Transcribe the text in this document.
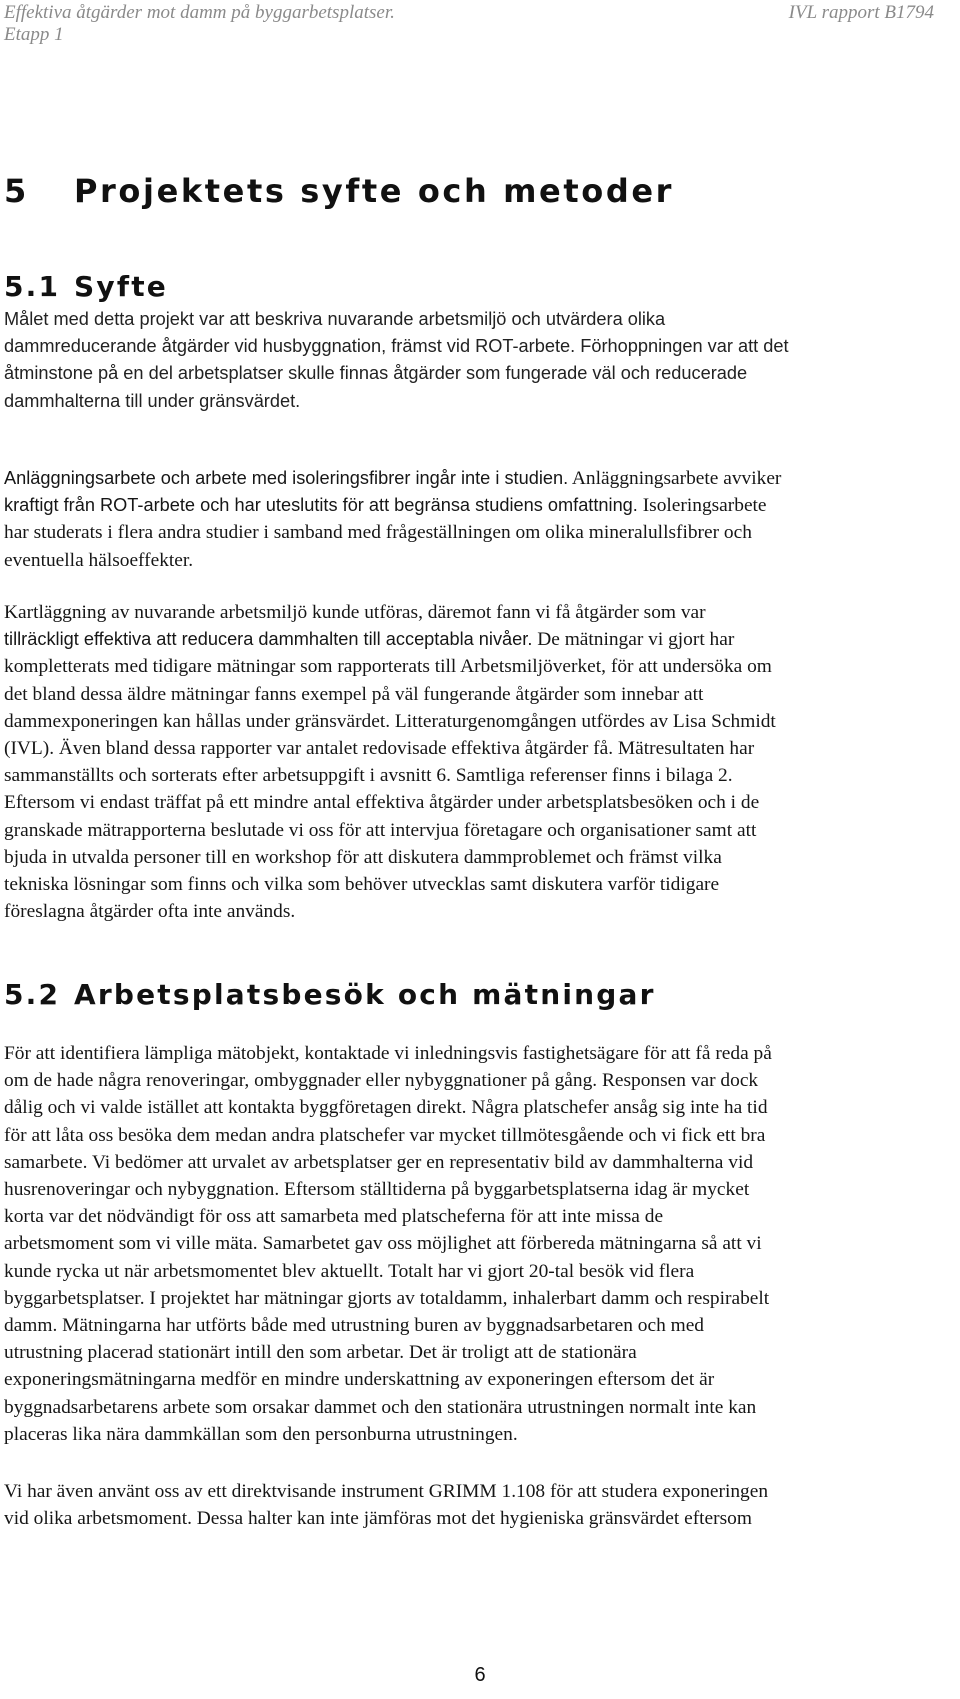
Effektiva åtgärder mot damm på byggarbetsplatser.
Etapp 1
IVL rapport B1794
5 Projektets syfte och metoder
5.1 Syfte

Målet med detta projekt var att beskriva nuvarande arbetsmiljö och utvärdera olika
dammreducerande åtgärder vid husbyggnation, främst vid ROT-arbete. Förhoppningen var att det
åtminstone på en del arbetsplatser skulle finnas åtgärder som fungerade väl och reducerade
dammhalterna till under gränsvärdet.

Anläggningsarbete och arbete med isoleringsfibrer ingår inte i studien. Anläggningsarbete avviker
kraftigt från ROT-arbete och har uteslutits för att begränsa studiens omfattning. Isoleringsarbete
har studerats i flera andra studier i samband med frågeställningen om olika mineralullsfibrer och
eventuella hälsoeffekter.

Kartläggning av nuvarande arbetsmiljö kunde utföras, däremot fann vi få åtgärder som var
tillräckligt effektiva att reducera dammhalten till acceptabla nivåer. De mätningar vi gjort har
kompletterats med tidigare mätningar som rapporterats till Arbetsmiljöverket, för att undersöka om
det bland dessa äldre mätningar fanns exempel på väl fungerande åtgärder som innebar att
dammexponeringen kan hållas under gränsvärdet. Litteraturgenomgången utfördes av Lisa Schmidt
(IVL). Även bland dessa rapporter var antalet redovisade effektiva åtgärder få. Mätresultaten har
sammanställts och sorterats efter arbetsuppgift i avsnitt 6. Samtliga referenser finns i bilaga 2.
Eftersom vi endast träffat på ett mindre antal effektiva åtgärder under arbetsplatsbesöken och i de
granskade mätrapporterna beslutade vi oss för att intervjua företagare och organisationer samt att
bjuda in utvalda personer till en workshop för att diskutera dammproblemet och främst vilka
tekniska lösningar som finns och vilka som behöver utvecklas samt diskutera varför tidigare
föreslagna åtgärder ofta inte används.

5.2 Arbetsplatsbesök och mätningar

För att identifiera lämpliga mätobjekt, kontaktade vi inledningsvis fastighetsägare för att få reda på
om de hade några renoveringar, ombyggnader eller nybyggnationer på gång. Responsen var dock
dålig och vi valde istället att kontakta byggföretagen direkt. Några platschefer ansåg sig inte ha tid
för att låta oss besöka dem medan andra platschefer var mycket tillmötesgående och vi fick ett bra
samarbete. Vi bedömer att urvalet av arbetsplatser ger en representativ bild av dammhalterna vid
husrenoveringar och nybyggnation. Eftersom ställtiderna på byggarbetsplatserna idag är mycket
korta var det nödvändigt för oss att samarbeta med platscheferna för att inte missa de
arbetsmoment som vi ville mäta. Samarbetet gav oss möjlighet att förbereda mätningarna så att vi
kunde rycka ut när arbetsmomentet blev aktuellt. Totalt har vi gjort 20-tal besök vid flera
byggarbetsplatser. I projektet har mätningar gjorts av totaldamm, inhalerbart damm och respirabelt
damm. Mätningarna har utförts både med utrustning buren av byggnadsarbetaren och med
utrustning placerad stationärt intill den som arbetar. Det är troligt att de stationära
exponeringsmätningarna medför en mindre underskattning av exponeringen eftersom det är
byggnadsarbetarens arbete som orsakar dammet och den stationära utrustningen normalt inte kan
placeras lika nära dammkällan som den personburna utrustningen.

Vi har även använt oss av ett direktvisande instrument GRIMM 1.108 för att studera exponeringen
vid olika arbetsmoment. Dessa halter kan inte jämföras mot det hygieniska gränsvärdet eftersom

6
